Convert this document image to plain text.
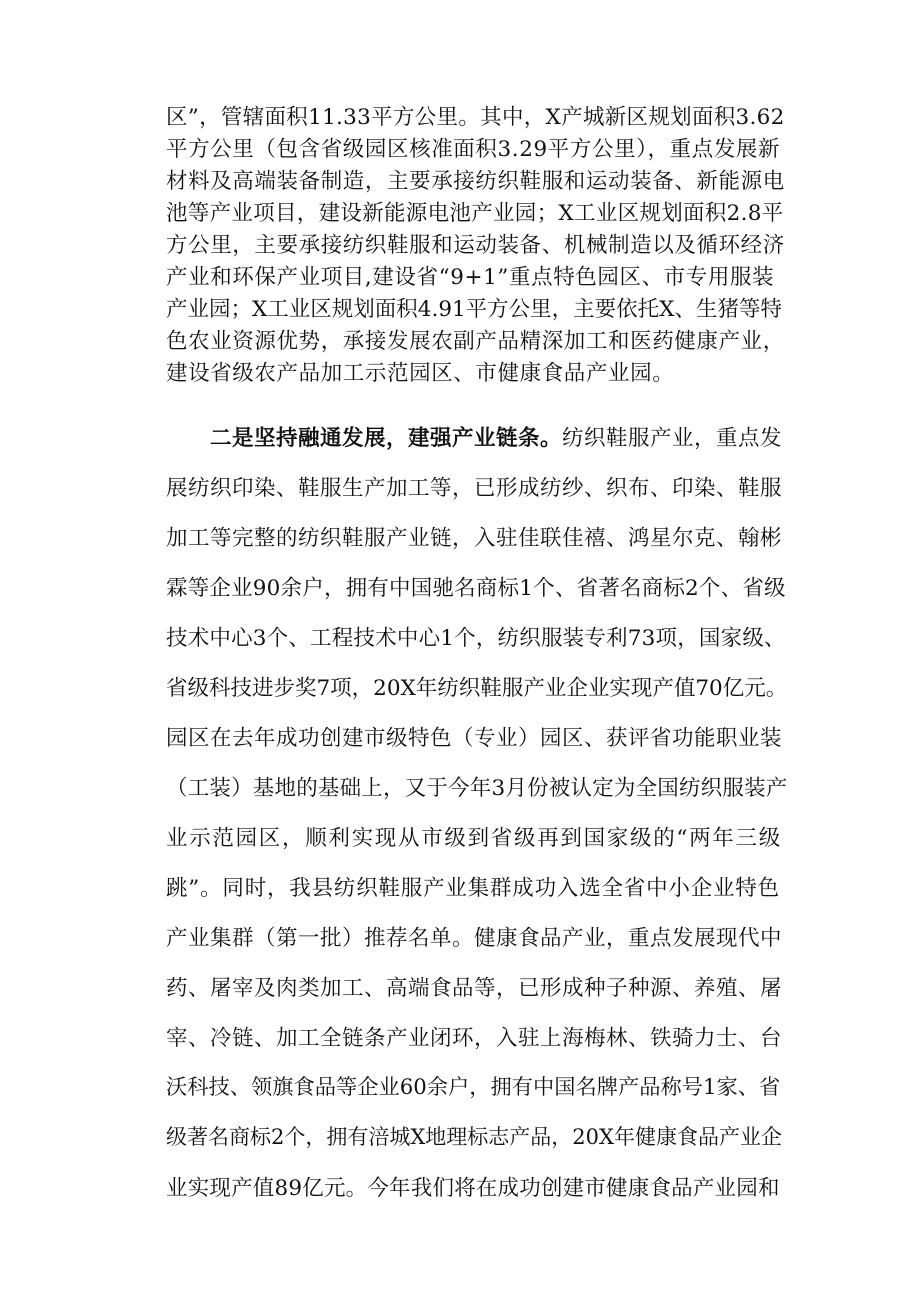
区”，管辖面积11.33平方公里。其中，X产城新区规划面积3.62
平方公里（包含省级园区核准面积3.29平方公里），重点发展新
材料及高端装备制造，主要承接纺织鞋服和运动装备、新能源电
池等产业项目，建设新能源电池产业园；X工业区规划面积2.8平
方公里，主要承接纺织鞋服和运动装备、机械制造以及循环经济
产业和环保产业项目,建设省“9+1”重点特色园区、市专用服装
产业园；X工业区规划面积4.91平方公里，主要依托X、生猪等特
色农业资源优势，承接发展农副产品精深加工和医药健康产业，
建设省级农产品加工示范园区、市健康食品产业园。
二是坚持融通发展，建强产业链条。纺织鞋服产业，重点发
展纺织印染、鞋服生产加工等，已形成纺纱、织布、印染、鞋服
加工等完整的纺织鞋服产业链，入驻佳联佳禧、鸿星尔克、翰彬
霖等企业90余户，拥有中国驰名商标1个、省著名商标2个、省级
技术中心3个、工程技术中心1个，纺织服装专利73项，国家级、
省级科技进步奖7项，20X年纺织鞋服产业企业实现产值70亿元。
园区在去年成功创建市级特色（专业）园区、获评省功能职业装
（工装）基地的基础上，又于今年3月份被认定为全国纺织服装产
业示范园区，顺利实现从市级到省级再到国家级的“两年三级
跳”。同时，我县纺织鞋服产业集群成功入选全省中小企业特色
产业集群（第一批）推荐名单。健康食品产业，重点发展现代中
药、屠宰及肉类加工、高端食品等，已形成种子种源、养殖、屠
宰、冷链、加工全链条产业闭环，入驻上海梅林、铁骑力士、台
沃科技、领旗食品等企业60余户，拥有中国名牌产品称号1家、省
级著名商标2个，拥有涪城X地理标志产品，20X年健康食品产业企
业实现产值89亿元。今年我们将在成功创建市健康食品产业园和
